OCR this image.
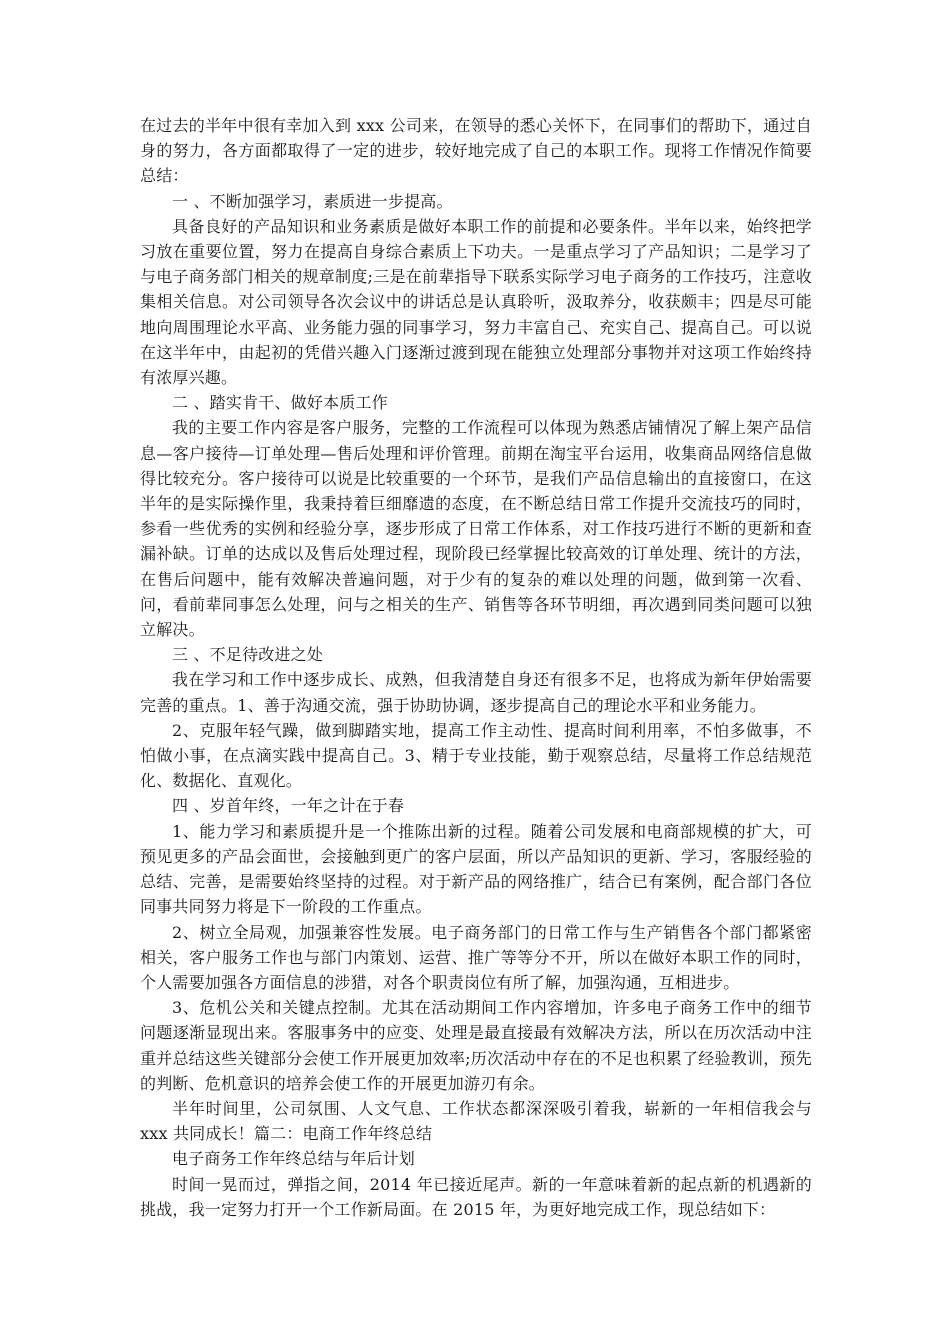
在过去的半年中很有幸加入到 xxx 公司来，在领导的悉心关怀下，在同事们的帮助下，通过自身的努力，各方面都取得了一定的进步，较好地完成了自己的本职工作。现将工作情况作简要总结：

一 、不断加强学习，素质进一步提高。

具备良好的产品知识和业务素质是做好本职工作的前提和必要条件。半年以来，始终把学习放在重要位置，努力在提高自身综合素质上下功夫。一是重点学习了产品知识；二是学习了与电子商务部门相关的规章制度;三是在前辈指导下联系实际学习电子商务的工作技巧，注意收集相关信息。对公司领导各次会议中的讲话总是认真聆听，汲取养分，收获颇丰；四是尽可能地向周围理论水平高、业务能力强的同事学习，努力丰富自己、充实自己、提高自己。可以说在这半年中，由起初的凭借兴趣入门逐渐过渡到现在能独立处理部分事物并对这项工作始终持有浓厚兴趣。

二 、踏实肯干、做好本质工作

我的主要工作内容是客户服务，完整的工作流程可以体现为熟悉店铺情况了解上架产品信息—客户接待—订单处理—售后处理和评价管理。前期在淘宝平台运用，收集商品网络信息做得比较充分。客户接待可以说是比较重要的一个环节，是我们产品信息输出的直接窗口，在这半年的是实际操作里，我秉持着巨细靡遗的态度，在不断总结日常工作提升交流技巧的同时，参看一些优秀的实例和经验分享，逐步形成了日常工作体系，对工作技巧进行不断的更新和查漏补缺。订单的达成以及售后处理过程，现阶段已经掌握比较高效的订单处理、统计的方法，在售后问题中，能有效解决普遍问题，对于少有的复杂的难以处理的问题，做到第一次看、问，看前辈同事怎么处理，问与之相关的生产、销售等各环节明细，再次遇到同类问题可以独立解决。

三 、不足待改进之处

我在学习和工作中逐步成长、成熟，但我清楚自身还有很多不足，也将成为新年伊始需要完善的重点。1、善于沟通交流，强于协助协调，逐步提高自己的理论水平和业务能力。

2、克服年轻气躁，做到脚踏实地，提高工作主动性、提高时间利用率，不怕多做事，不怕做小事，在点滴实践中提高自己。3、精于专业技能，勤于观察总结，尽量将工作总结规范化、数据化、直观化。

四 、岁首年终，一年之计在于春

1、能力学习和素质提升是一个推陈出新的过程。随着公司发展和电商部规模的扩大，可预见更多的产品会面世，会接触到更广的客户层面，所以产品知识的更新、学习，客服经验的总结、完善，是需要始终坚持的过程。对于新产品的网络推广，结合已有案例，配合部门各位同事共同努力将是下一阶段的工作重点。

2、树立全局观，加强兼容性发展。电子商务部门的日常工作与生产销售各个部门都紧密相关，客户服务工作也与部门内策划、运营、推广等等分不开，所以在做好本职工作的同时，个人需要加强各方面信息的涉猎，对各个职责岗位有所了解，加强沟通，互相进步。

3、危机公关和关键点控制。尤其在活动期间工作内容增加，许多电子商务工作中的细节问题逐渐显现出来。客服事务中的应变、处理是最直接最有效解决方法，所以在历次活动中注重并总结这些关键部分会使工作开展更加效率;历次活动中存在的不足也积累了经验教训，预先的判断、危机意识的培养会使工作的开展更加游刃有余。

半年时间里，公司氛围、人文气息、工作状态都深深吸引着我，崭新的一年相信我会与 xxx 共同成长！篇二：电商工作年终总结

电子商务工作年终总结与年后计划

时间一晃而过，弹指之间，2014 年已接近尾声。新的一年意味着新的起点新的机遇新的挑战，我一定努力打开一个工作新局面。在 2015 年，为更好地完成工作，现总结如下：
